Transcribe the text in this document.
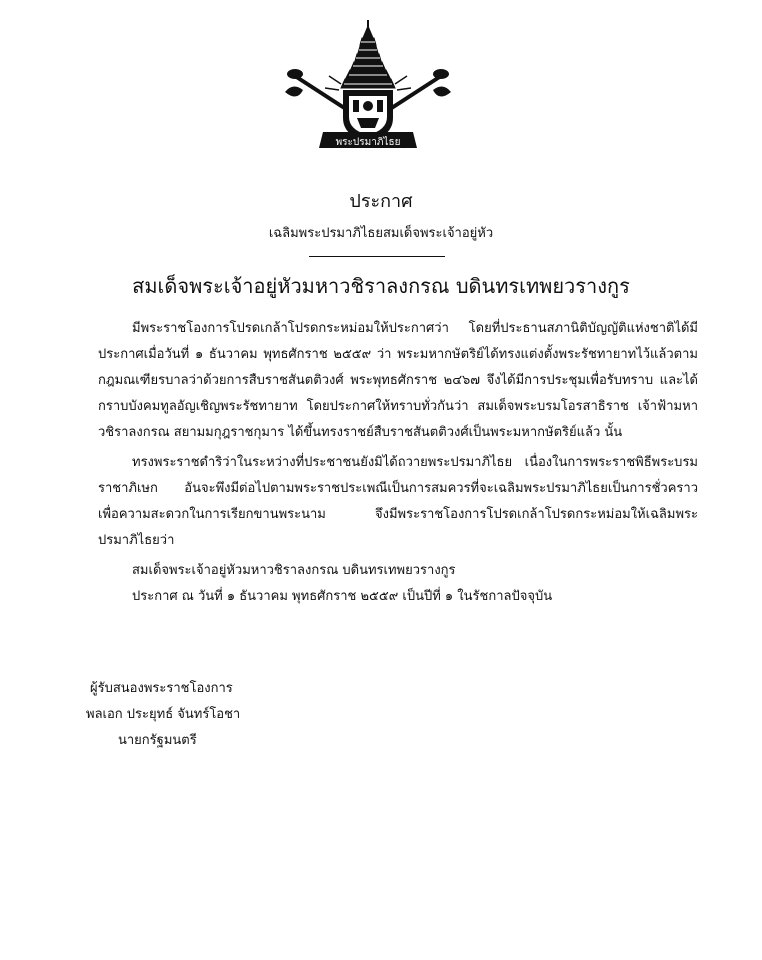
พระปรมาภิไธย
ประกาศ
เฉลิมพระปรมาภิไธยสมเด็จพระเจ้าอยู่หัว
สมเด็จพระเจ้าอยู่หัวมหาวชิราลงกรณ บดินทรเทพยวรางกูร

มีพระราชโองการโปรดเกล้าโปรดกระหม่อมให้ประกาศว่า โดยที่ประธานสภานิติบัญญัติแห่งชาติได้มีประกาศเมื่อวันที่ ๑ ธันวาคม พุทธศักราช ๒๕๕๙ ว่า พระมหากษัตริย์ได้ทรงแต่งตั้งพระรัชทายาทไว้แล้วตามกฎมณเฑียรบาลว่าด้วยการสืบราชสันตติวงศ์ พระพุทธศักราช ๒๔๖๗ จึงได้มีการประชุมเพื่อรับทราบ และได้กราบบังคมทูลอัญเชิญพระรัชทายาท โดยประกาศให้ทราบทั่วกันว่า สมเด็จพระบรมโอรสาธิราช เจ้าฟ้ามหาวชิราลงกรณ สยามมกุฎราชกุมาร ได้ขึ้นทรงราชย์สืบราชสันตติวงศ์เป็นพระมหากษัตริย์แล้ว นั้น

ทรงพระราชดำริว่าในระหว่างที่ประชาชนยังมิได้ถวายพระปรมาภิไธย เนื่องในการพระราชพิธีพระบรมราชาภิเษก อันจะพึงมีต่อไปตามพระราชประเพณีเป็นการสมควรที่จะเฉลิมพระปรมาภิไธยเป็นการชั่วคราว เพื่อความสะดวกในการเรียกขานพระนาม จึงมีพระราชโองการโปรดเกล้าโปรดกระหม่อมให้เฉลิมพระปรมาภิไธยว่า

สมเด็จพระเจ้าอยู่หัวมหาวชิราลงกรณ บดินทรเทพยวรางกูร

ประกาศ ณ วันที่ ๑ ธันวาคม พุทธศักราช ๒๕๕๙ เป็นปีที่ ๑ ในรัชกาลปัจจุบัน

ผู้รับสนองพระราชโองการ

พลเอก ประยุทธ์ จันทร์โอชา

นายกรัฐมนตรี
